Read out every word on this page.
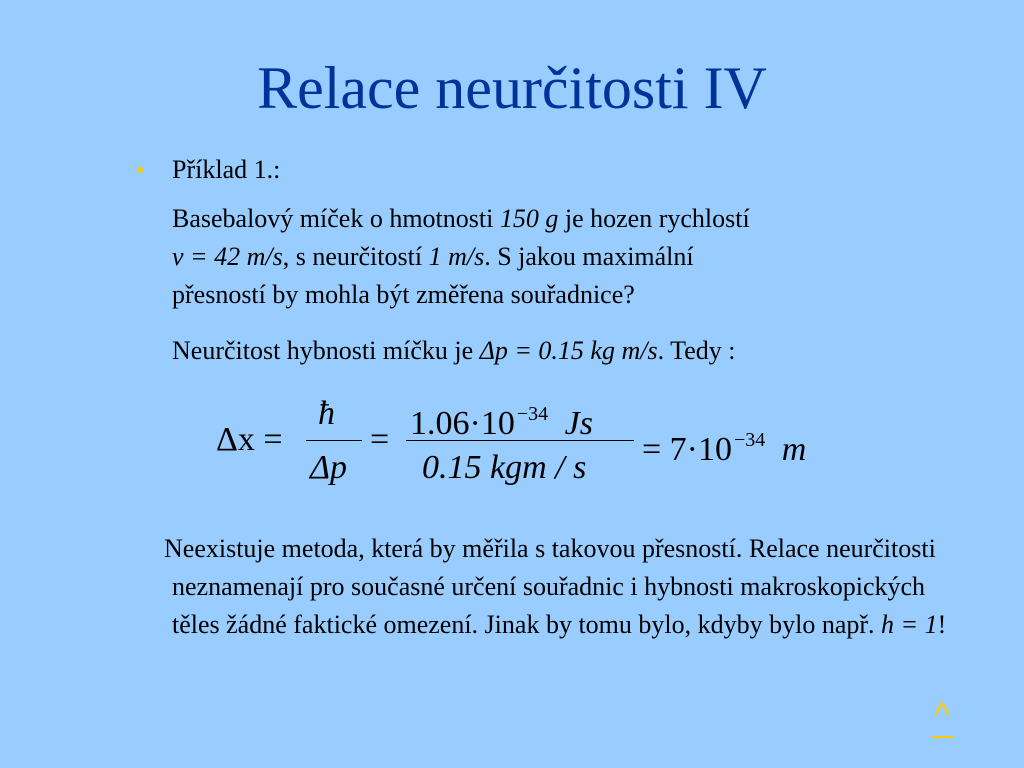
Relace neurčitosti IV
• Příklad 1.:
Basebalový míček o hmotnosti 150 g je hozen rychlostí
v = 42 m/s, s neurčitostí 1 m/s. S jakou maximální
přesností by mohla být změřena souřadnice?
Neurčitost hybnosti míčku je Δp = 0.15 kg m/s. Tedy :
Δx =
ħ
Δp
= 1.06·10 $^{-34}$ Js
0.15 kgm / s = 7·10 $^{-34}$ m
Neexistuje metoda, která by měřila s takovou přesností. Relace neurčitosti neznamenají pro současné určení souřadnic i hybnosti makroskopických těles žádné faktické omezení. Jinak by tomu bylo, kdyby bylo např. h = 1!
^
